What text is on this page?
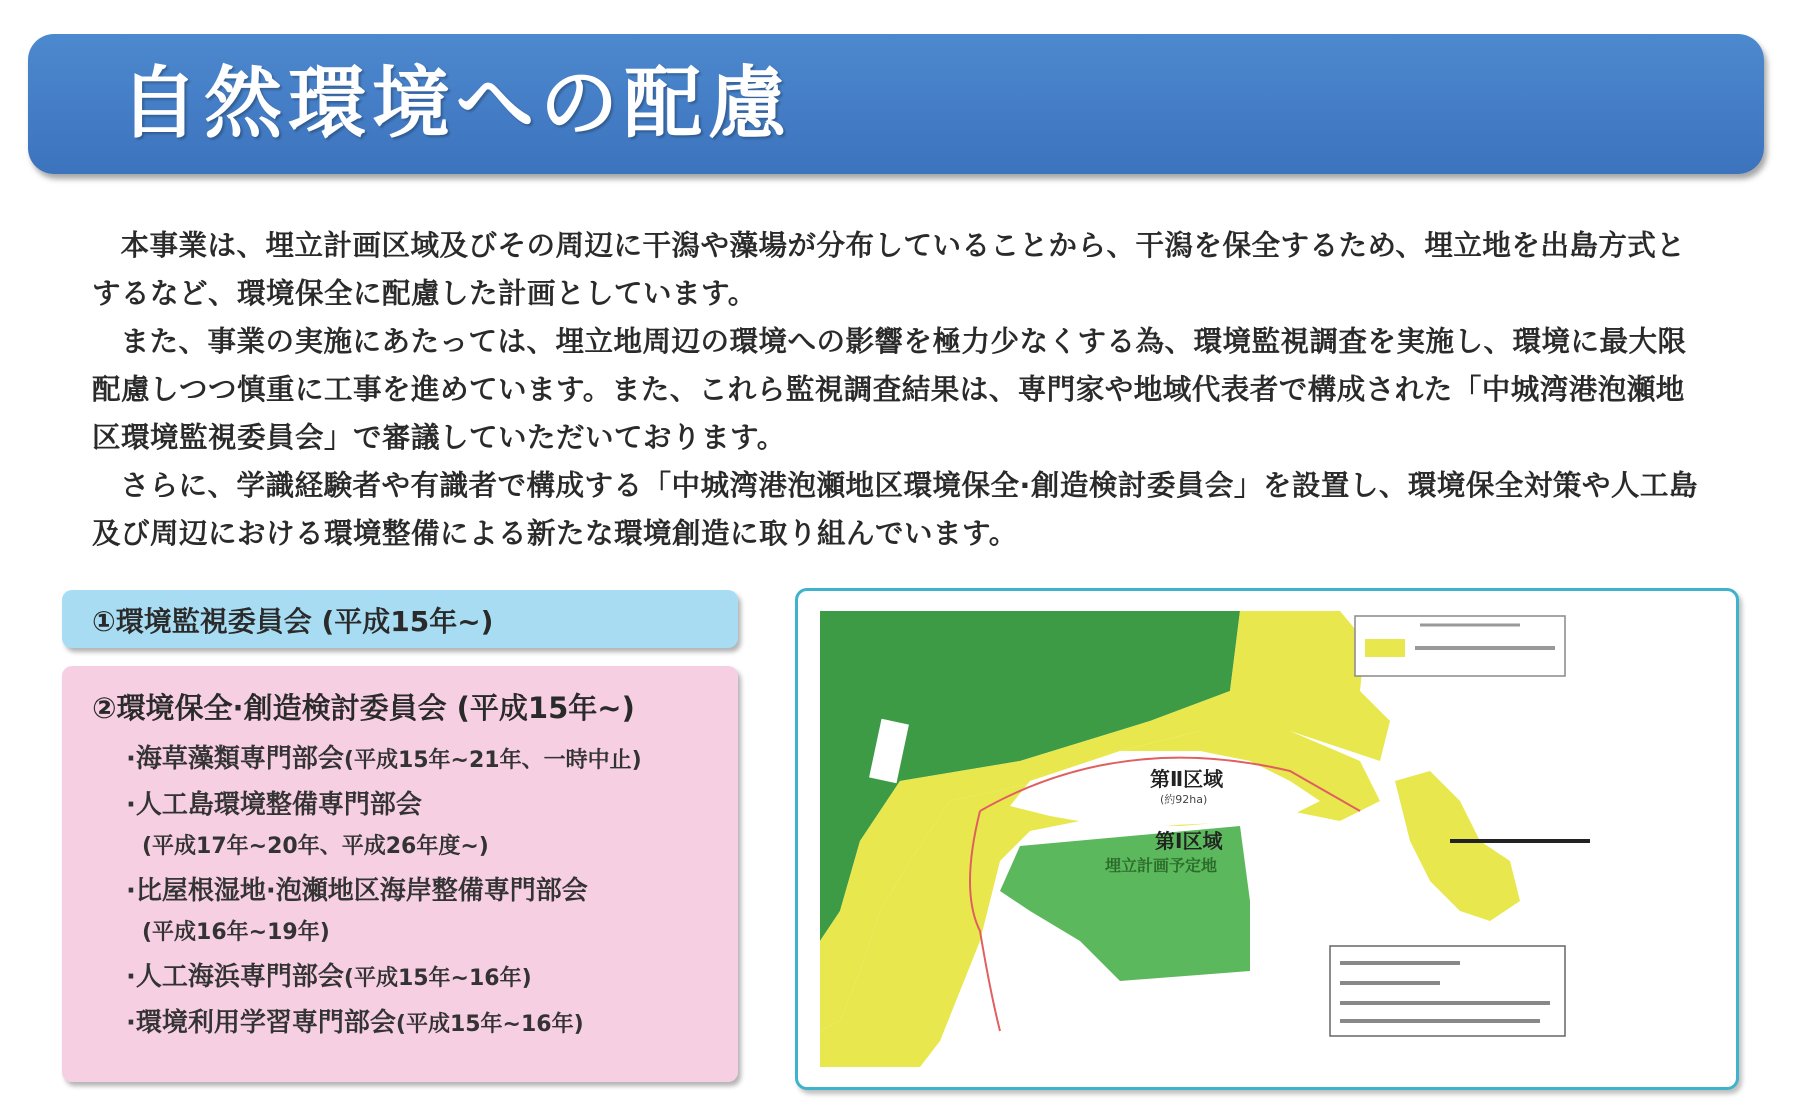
自然環境への配慮

本事業は、埋立計画区域及びその周辺に干潟や藻場が分布していることから、干潟を保全するため、埋立地を出島方式とするなど、環境保全に配慮した計画としています。

また、事業の実施にあたっては、埋立地周辺の環境への影響を極力少なくする為、環境監視調査を実施し、環境に最大限配慮しつつ慎重に工事を進めています。また、これら監視調査結果は、専門家や地域代表者で構成された「中城湾港泡瀬地区環境監視委員会」で審議していただいております。

さらに、学識経験者や有識者で構成する「中城湾港泡瀬地区環境保全·創造検討委員会」を設置し、環境保全対策や人工島及び周辺における環境整備による新たな環境創造に取り組んでいます。

①環境監視委員会 (平成15年~)
②環境保全·創造検討委員会 (平成15年~)
·海草藻類専門部会(平成15年~21年、一時中止)
·人工島環境整備専門部会
(平成17年~20年、平成26年度~)
·比屋根湿地·泡瀬地区海岸整備専門部会
(平成16年~19年)
·人工海浜専門部会(平成15年~16年)
·環境利用学習専門部会(平成15年~16年)
第Ⅱ区域
(約92ha)
第Ⅰ区域
埋立計画予定地
